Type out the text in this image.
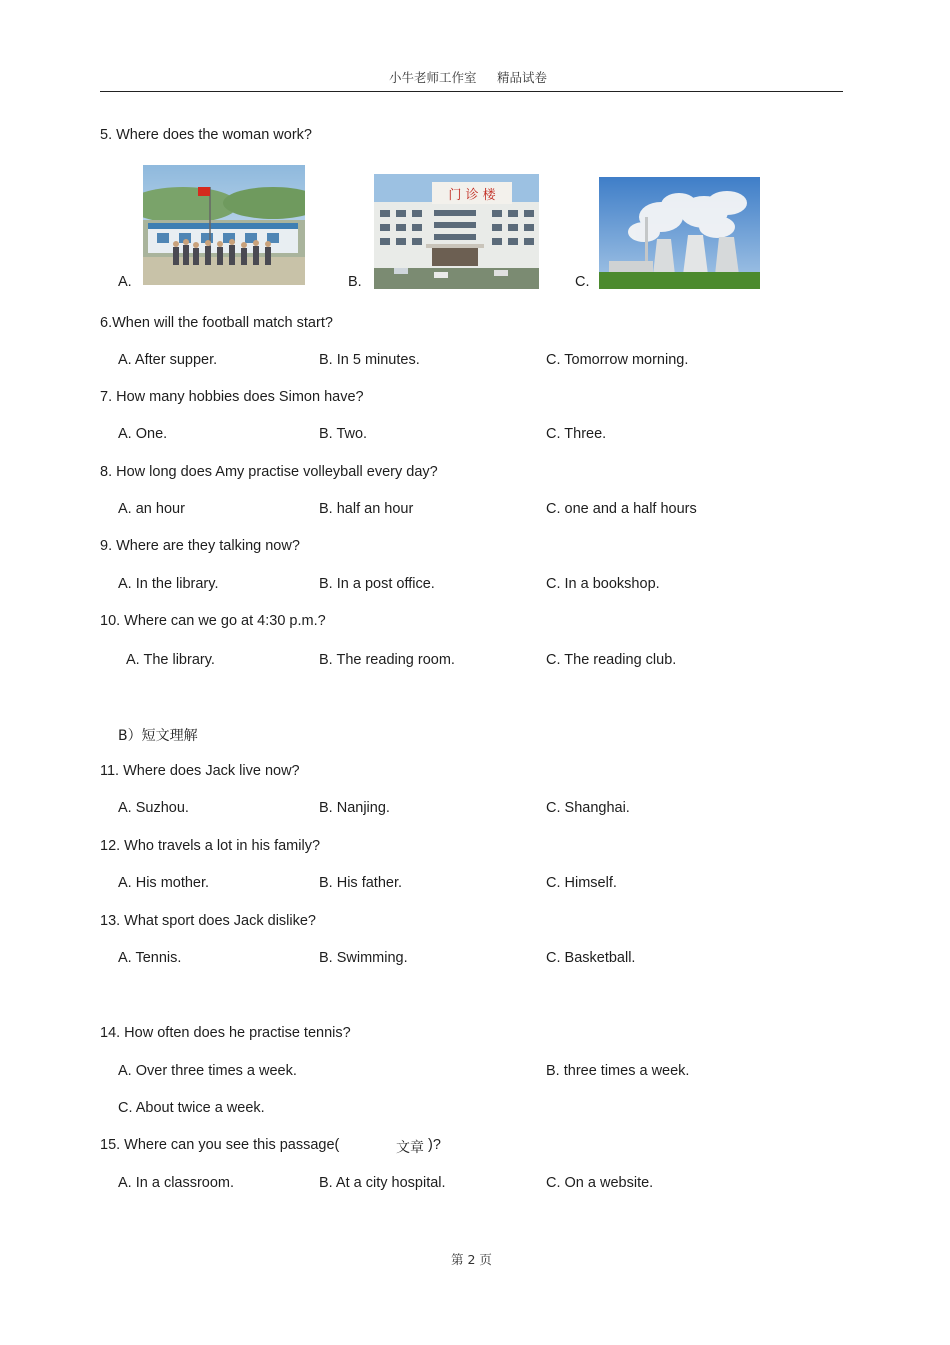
小牛老师工作室 精品试卷
5. Where does the woman work?
A.	B.
门 诊 楼
C.
6.When will the football match start?
A. After supper.	B. In 5 minutes.	C. Tomorrow morning.
7. How many hobbies does Simon have?
A. One.	B. Two.	C. Three.
8. How long does Amy practise volleyball every day?
A. an hour	B. half an hour	C. one and a half hours
9. Where are they talking now?
A. In the library.	B. In a post office.	C. In a bookshop.
10. Where can we go at 4:30 p.m.?
A. The library.	B. The reading room.	C. The reading club.
B）短文理解
11. Where does Jack live now?
A. Suzhou.	B. Nanjing.	C. Shanghai.
12. Who travels a lot in his family?
A. His mother.	B. His father.	C. Himself.
13. What sport does Jack dislike?
A. Tennis.	B. Swimming.	C. Basketball.
14. How often does he practise tennis?
A. Over three times a week.	B. three times a week.
C. About twice a week.
15. Where can you see this passage(	文章 )?
A. In a classroom.	B. At a city hospital.	C. On a website.
第 2 页
